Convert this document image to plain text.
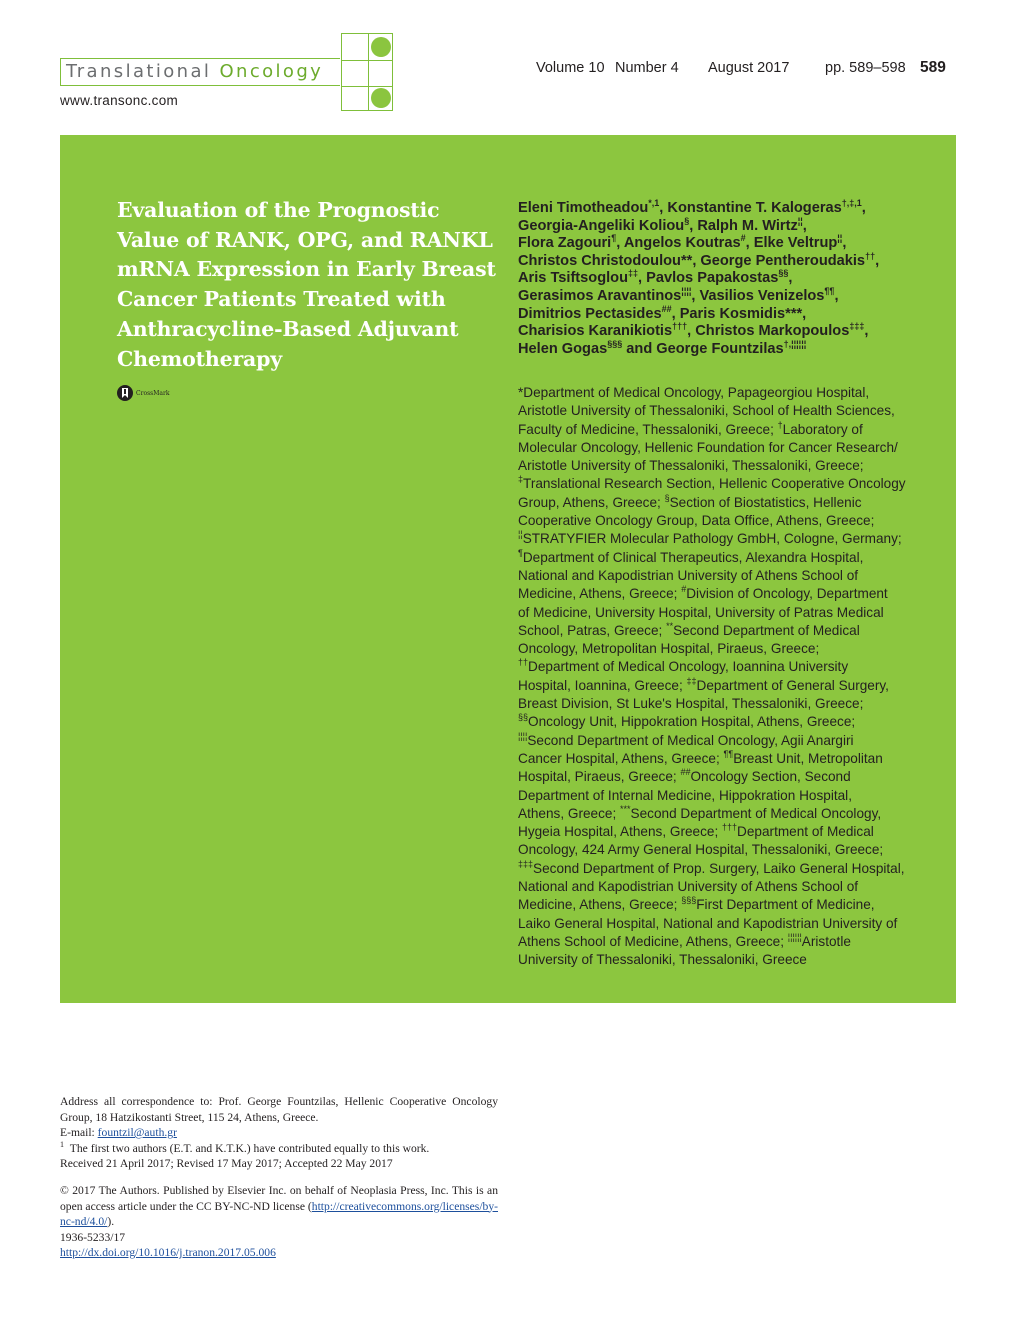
Translational Oncology
www.transonc.com
Volume 10 Number 4 August 2017 pp. 589–598 589
Evaluation of the Prognostic
Value of RANK, OPG, and RANKL
mRNA Expression in Early Breast
Cancer Patients Treated with
Anthracycline-Based Adjuvant
Chemotherapy
CrossMark
Eleni Timotheadou$^{*,1}$, Konstantine T. Kalogeras$^{\dagger,\ddagger,1}$,
Georgia-Angeliki Koliou§, Ralph M. Wirtz¦¦,
Flora Zagouri¶, Angelos Koutras#, Elke Veltrup¦¦,
Christos Christodoulou**, George Pentheroudakis††,
Aris Tsiftsoglou‡‡, Pavlos Papakostas§§,
Gerasimos Aravantinos¦¦¦¦, Vasilios Venizelos¶¶,
Dimitrios Pectasides##, Paris Kosmidis***,
Charisios Karanikiotis†††, Christos Markopoulos‡‡‡,
Helen Gogas§§§ and George Fountzilas†,¦¦¦¦¦¦
*Department of Medical Oncology, Papageorgiou Hospital,
Aristotle University of Thessaloniki, School of Health Sciences,
Faculty of Medicine, Thessaloniki, Greece; †Laboratory of
Molecular Oncology, Hellenic Foundation for Cancer Research/
Aristotle University of Thessaloniki, Thessaloniki, Greece;
‡Translational Research Section, Hellenic Cooperative Oncology
Group, Athens, Greece; §Section of Biostatistics, Hellenic
Cooperative Oncology Group, Data Office, Athens, Greece;
¦¦STRATYFIER Molecular Pathology GmbH, Cologne, Germany;
¶Department of Clinical Therapeutics, Alexandra Hospital,
National and Kapodistrian University of Athens School of
Medicine, Athens, Greece; #Division of Oncology, Department
of Medicine, University Hospital, University of Patras Medical
School, Patras, Greece; **Second Department of Medical
Oncology, Metropolitan Hospital, Piraeus, Greece;
††Department of Medical Oncology, Ioannina University
Hospital, Ioannina, Greece; ‡‡Department of General Surgery,
Breast Division, St Luke's Hospital, Thessaloniki, Greece;
§§Oncology Unit, Hippokration Hospital, Athens, Greece;
¦¦¦¦Second Department of Medical Oncology, Agii Anargiri
Cancer Hospital, Athens, Greece; ¶¶Breast Unit, Metropolitan
Hospital, Piraeus, Greece; ##Oncology Section, Second
Department of Internal Medicine, Hippokration Hospital,
Athens, Greece; ***Second Department of Medical Oncology,
Hygeia Hospital, Athens, Greece; †††Department of Medical
Oncology, 424 Army General Hospital, Thessaloniki, Greece;
‡‡‡Second Department of Prop. Surgery, Laiko General Hospital,
National and Kapodistrian University of Athens School of
Medicine, Athens, Greece; §§§First Department of Medicine,
Laiko General Hospital, National and Kapodistrian University of
Athens School of Medicine, Athens, Greece; ¦¦¦¦¦¦Aristotle
University of Thessaloniki, Thessaloniki, Greece
Address all correspondence to: Prof. George Fountzilas, Hellenic Cooperative Oncology Group, 18 Hatzikostanti Street, 115 24, Athens, Greece.
E-mail: fountzil@auth.gr
$^1$ The first two authors (E.T. and K.T.K.) have contributed equally to this work.
Received 21 April 2017; Revised 17 May 2017; Accepted 22 May 2017
© 2017 The Authors. Published by Elsevier Inc. on behalf of Neoplasia Press, Inc. This is an open access article under the CC BY-NC-ND license (http://creativecommons.org/licenses/by-nc-nd/4.0/).
1936-5233/17
http://dx.doi.org/10.1016/j.tranon.2017.05.006
